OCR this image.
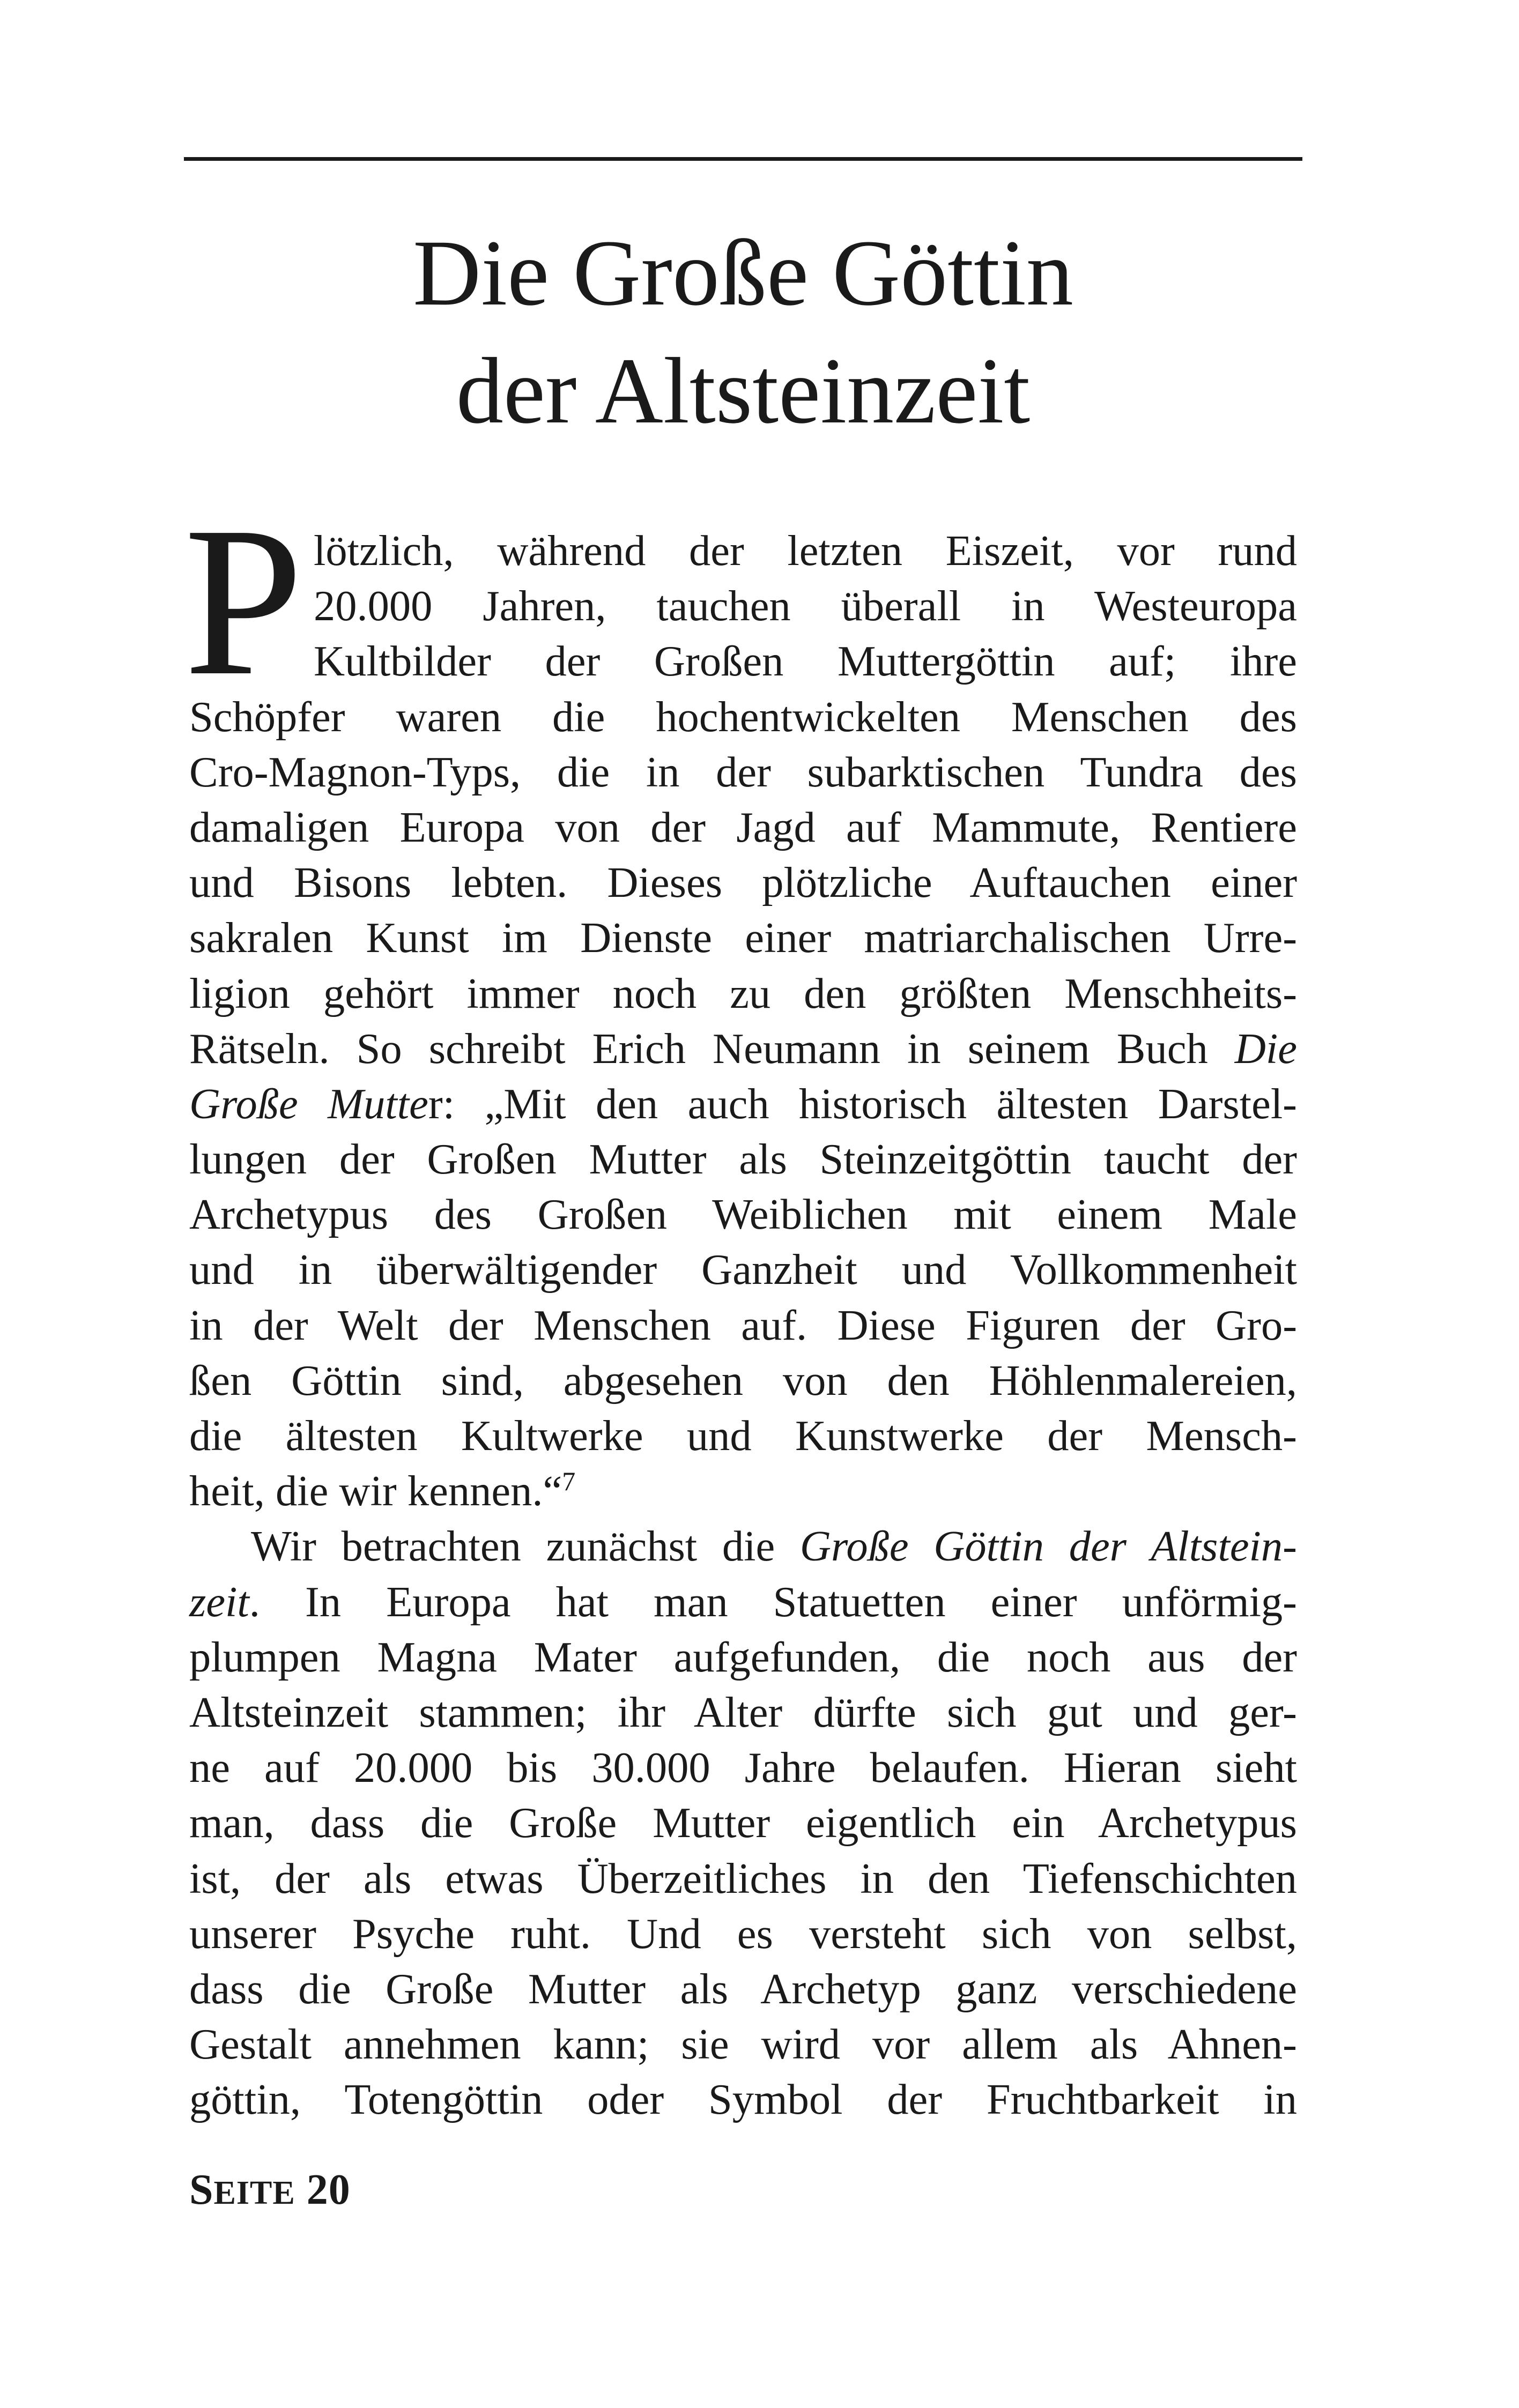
Die Große Göttin
der Altsteinzeit
P lötzlich, während der letzten Eiszeit, vor rund
20.000 Jahren, tauchen überall in Westeuropa
Kultbilder der Großen Muttergöttin auf; ihre
Schöpfer waren die hochentwickelten Menschen des
Cro-Magnon-Typs, die in der subarktischen Tundra des
damaligen Europa von der Jagd auf Mammute, Rentiere
und Bisons lebten. Dieses plötzliche Auftauchen einer
sakralen Kunst im Dienste einer matriarchalischen Urre-
ligion gehört immer noch zu den größten Menschheits-
Rätseln. So schreibt Erich Neumann in seinem Buch Die
Große Mutter: „Mit den auch historisch ältesten Darstel-
lungen der Großen Mutter als Steinzeitgöttin taucht der
Archetypus des Großen Weiblichen mit einem Male
und in überwältigender Ganzheit und Vollkommenheit
in der Welt der Menschen auf. Diese Figuren der Gro-
ßen Göttin sind, abgesehen von den Höhlenmalereien,
die ältesten Kultwerke und Kunstwerke der Mensch-
heit, die wir kennen.“$^7$
Wir betrachten zunächst die Große Göttin der Altstein-
zeit. In Europa hat man Statuetten einer unförmig-
plumpen Magna Mater aufgefunden, die noch aus der
Altsteinzeit stammen; ihr Alter dürfte sich gut und ger-
ne auf 20.000 bis 30.000 Jahre belaufen. Hieran sieht
man, dass die Große Mutter eigentlich ein Archetypus
ist, der als etwas Überzeitliches in den Tiefenschichten
unserer Psyche ruht. Und es versteht sich von selbst,
dass die Große Mutter als Archetyp ganz verschiedene
Gestalt annehmen kann; sie wird vor allem als Ahnen-
göttin, Totengöttin oder Symbol der Fruchtbarkeit in
SEITE 20
